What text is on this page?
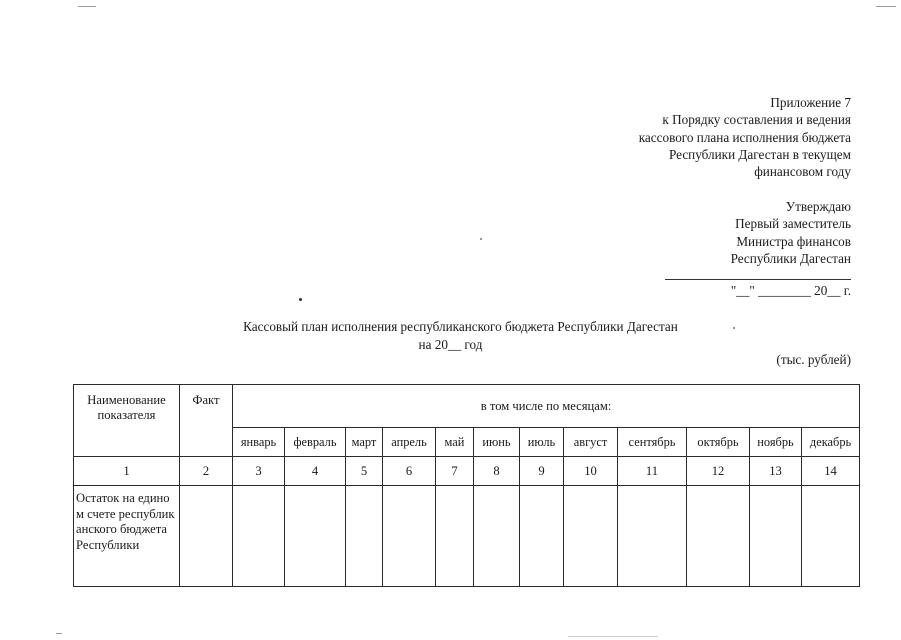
Приложение 7
к Порядку составления и ведения
кассового плана исполнения бюджета
Республики Дагестан в текущем
финансовом году
Утверждаю
Первый заместитель
Министра финансов
Республики Дагестан
"__" ________ 20__ г.
Кассовый план исполнения республиканского бюджета Республики Дагестан
на 20__ год
(тыс. рублей)
Наименование показателя	Факт	в том числе по месяцам:											
		январь	февраль	март	апрель	май	июнь	июль	август	сентябрь	октябрь	ноябрь	декабрь
1	2	3	4	5	6	7	8	9	10	11	12	13	14
Остаток на едином счете республиканского бюджета Республики													
